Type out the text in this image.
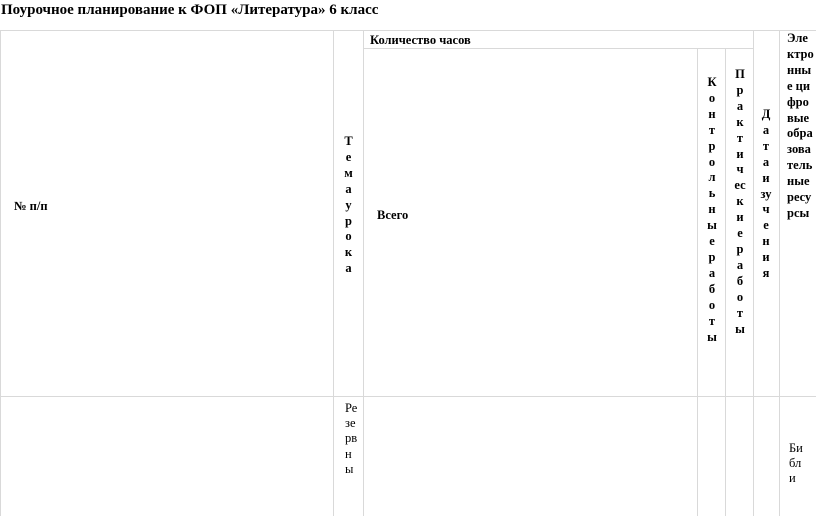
Поурочное планирование к ФОП «Литература» 6 класс
№ п/п
Тема урока
Количество часов
Всего
Контрольные работы
Практические работы
Дата изучения
Электронные цифровые образовательные ресурсы
Резервны
Библи
